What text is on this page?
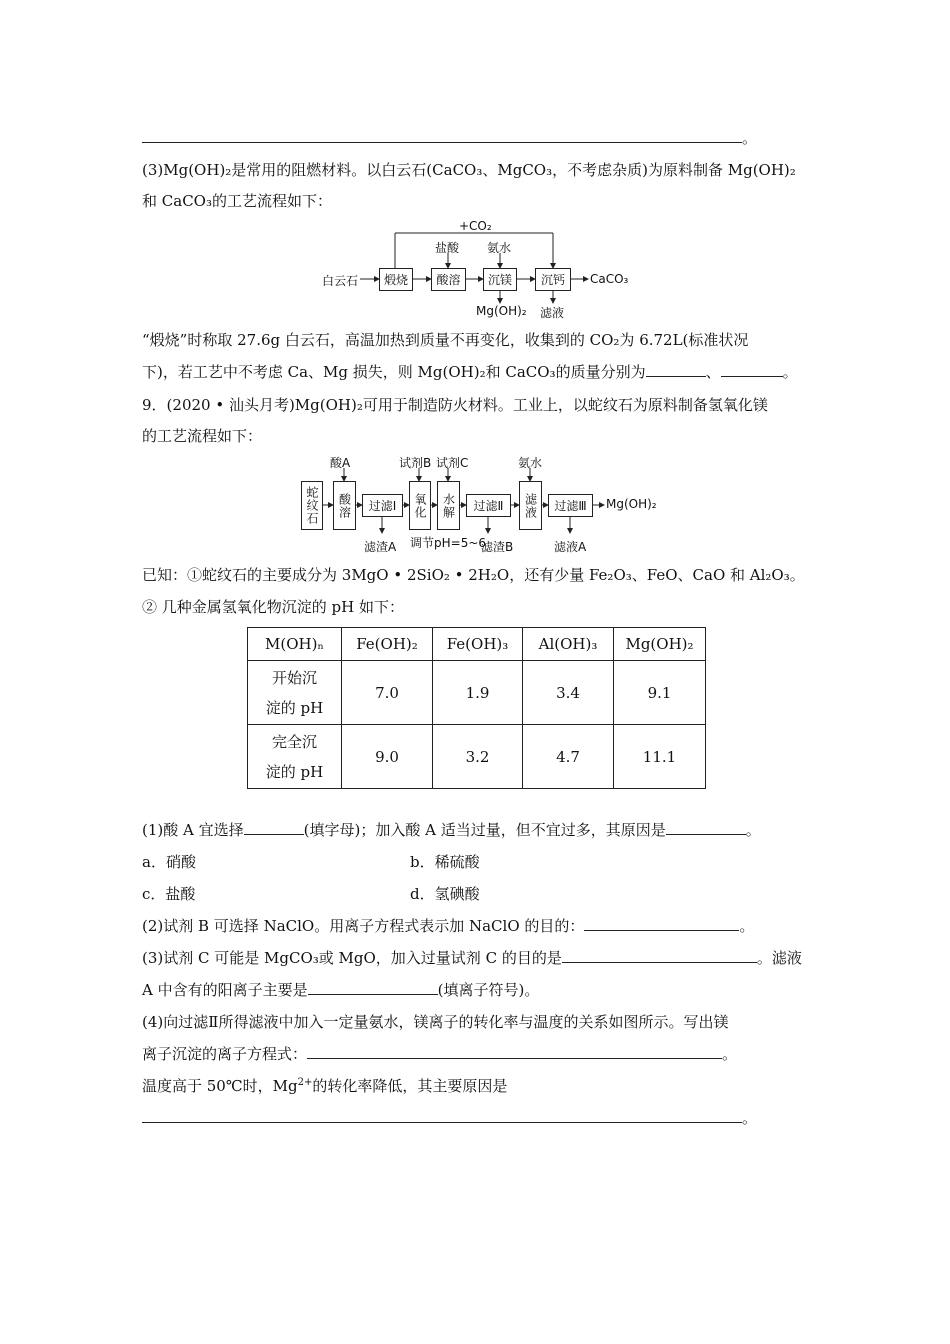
。
(3)Mg(OH)₂是常用的阻燃材料。以白云石(CaCO₃、MgCO₃，不考虑杂质)为原料制备 Mg(OH)₂
和 CaCO₃的工艺流程如下：
+CO₂
盐酸 氨水
白云石	煅烧	酸溶	沉镁	沉钙	CaCO₃
Mg(OH)₂ 滤液
“煅烧”时称取 27.6g 白云石，高温加热到质量不再变化，收集到的 CO₂为 6.72L(标准状况
下)，若工艺中不考虑 Ca、Mg 损失，则 Mg(OH)₂和 CaCO₃的质量分别为	、	。
9．(2020 • 汕头月考)Mg(OH)₂可用于制造防火材料。工业上，以蛇纹石为原料制备氢氧化镁
的工艺流程如下：
蛇纹石
酸A
酸溶	过滤Ⅰ
试剂B 试剂C
氧化 水解	过滤Ⅱ
氨水
滤液	过滤Ⅲ	Mg(OH)₂
滤渣A 调节pH=5~6
滤渣B	滤液A
已知：①蛇纹石的主要成分为 3MgO • 2SiO₂ • 2H₂O，还有少量 Fe₂O₃、FeO、CaO 和 Al₂O₃。
② 几种金属氢氧化物沉淀的 pH 如下：
M(OH)ₙ	Fe(OH)₂	Fe(OH)₃	Al(OH)₃	Mg(OH)₂

开始沉
淀的 pH	7.0	1.9	3.4	9.1

完全沉
淀的 pH	9.0	3.2	4.7	11.1
(1)酸 A 宜选择	(填字母)；加入酸 A 适当过量，但不宜过多，其原因是	。
a．硝酸	b．稀硫酸
c．盐酸	d．氢碘酸
(2)试剂 B 可选择 NaClO。用离子方程式表示加 NaClO 的目的：	。
(3)试剂 C 可能是 MgCO₃或 MgO，加入过量试剂 C 的目的是	。滤液
A 中含有的阳离子主要是	(填离子符号)。
(4)向过滤Ⅱ所得滤液中加入一定量氨水，镁离子的转化率与温度的关系如图所示。写出镁
离子沉淀的离子方程式：	。
温度高于 50℃时，$Mg^{2+}$的转化率降低，其主要原因是
。
